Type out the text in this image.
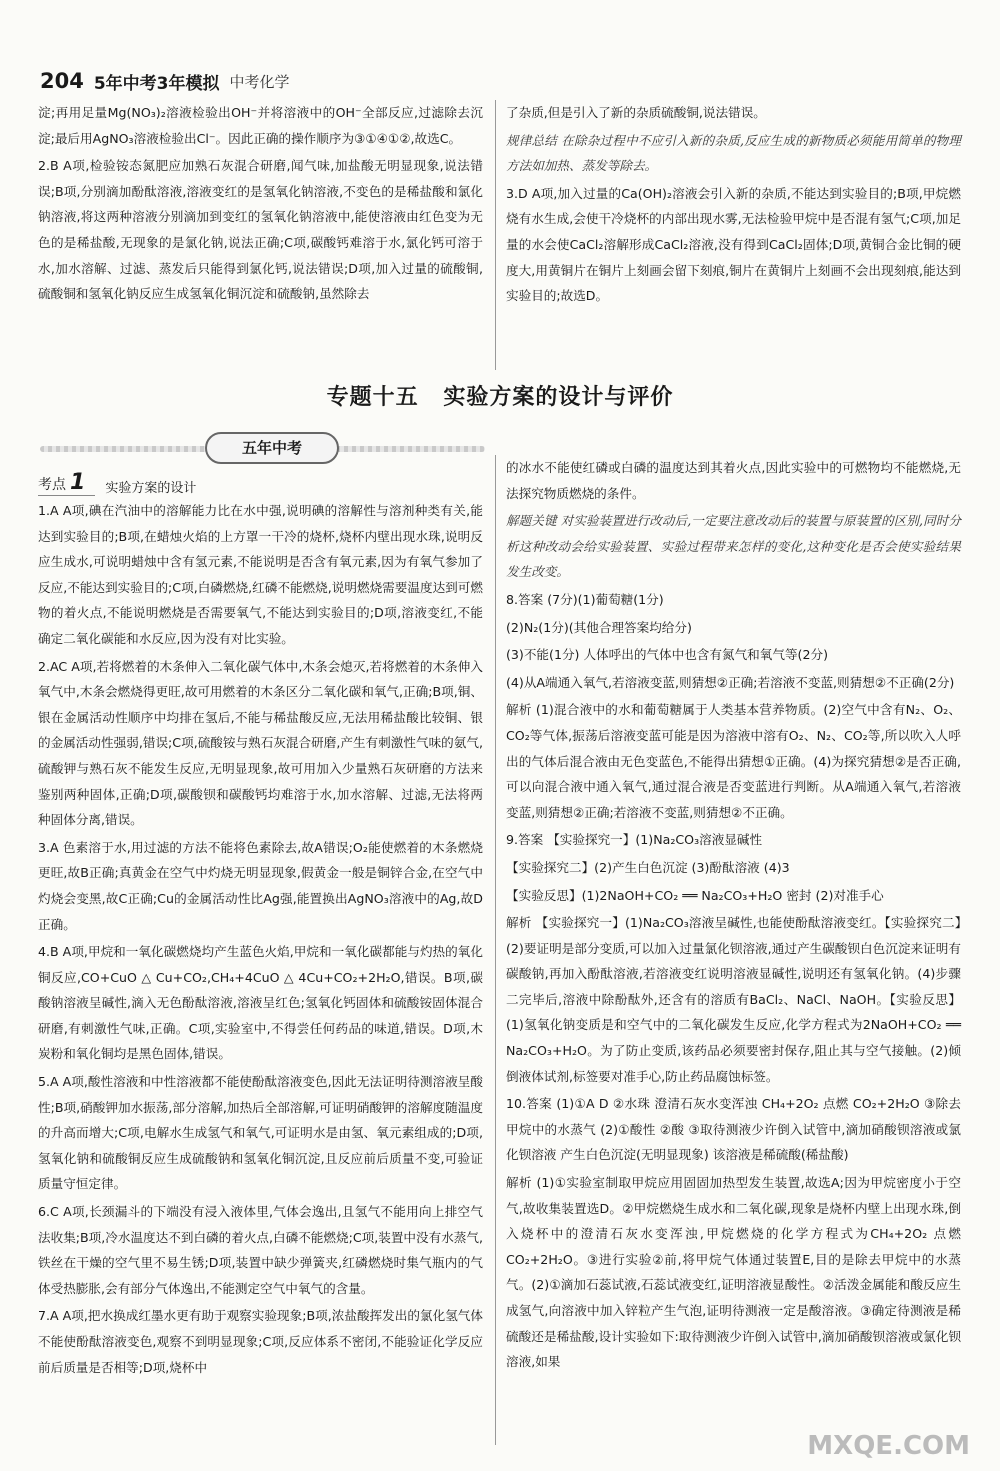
204 5年中考3年模拟 中考化学

淀;再用足量Mg(NO₃)₂溶液检验出OH⁻并将溶液中的OH⁻全部反应,过滤除去沉淀;最后用AgNO₃溶液检验出Cl⁻。因此正确的操作顺序为③①④①②,故选C。

2.B A项,检验铵态氮肥应加熟石灰混合研磨,闻气味,加盐酸无明显现象,说法错误;B项,分别滴加酚酞溶液,溶液变红的是氢氧化钠溶液,不变色的是稀盐酸和氯化钠溶液,将这两种溶液分别滴加到变红的氢氧化钠溶液中,能使溶液由红色变为无色的是稀盐酸,无现象的是氯化钠,说法正确;C项,碳酸钙难溶于水,氯化钙可溶于水,加水溶解、过滤、蒸发后只能得到氯化钙,说法错误;D项,加入过量的硫酸铜,硫酸铜和氢氧化钠反应生成氢氧化铜沉淀和硫酸钠,虽然除去

了杂质,但是引入了新的杂质硫酸铜,说法错误。

规律总结 在除杂过程中不应引入新的杂质,反应生成的新物质必须能用简单的物理方法如加热、蒸发等除去。

3.D A项,加入过量的Ca(OH)₂溶液会引入新的杂质,不能达到实验目的;B项,甲烷燃烧有水生成,会使干冷烧杯的内部出现水雾,无法检验甲烷中是否混有氢气;C项,加足量的水会使CaCl₂溶解形成CaCl₂溶液,没有得到CaCl₂固体;D项,黄铜合金比铜的硬度大,用黄铜片在铜片上刻画会留下刻痕,铜片在黄铜片上刻画不会出现刻痕,能达到实验目的;故选D。

专题十五 实验方案的设计与评价
五年中考
考点 1	实验方案的设计

1.A A项,碘在汽油中的溶解能力比在水中强,说明碘的溶解性与溶剂种类有关,能达到实验目的;B项,在蜡烛火焰的上方罩一干冷的烧杯,烧杯内壁出现水珠,说明反应生成水,可说明蜡烛中含有氢元素,不能说明是否含有氧元素,因为有氧气参加了反应,不能达到实验目的;C项,白磷燃烧,红磷不能燃烧,说明燃烧需要温度达到可燃物的着火点,不能说明燃烧是否需要氧气,不能达到实验目的;D项,溶液变红,不能确定二氧化碳能和水反应,因为没有对比实验。

2.AC A项,若将燃着的木条伸入二氧化碳气体中,木条会熄灭,若将燃着的木条伸入氧气中,木条会燃烧得更旺,故可用燃着的木条区分二氧化碳和氧气,正确;B项,铜、银在金属活动性顺序中均排在氢后,不能与稀盐酸反应,无法用稀盐酸比较铜、银的金属活动性强弱,错误;C项,硫酸铵与熟石灰混合研磨,产生有刺激性气味的氨气,硫酸钾与熟石灰不能发生反应,无明显现象,故可用加入少量熟石灰研磨的方法来鉴别两种固体,正确;D项,碳酸钡和碳酸钙均难溶于水,加水溶解、过滤,无法将两种固体分离,错误。

3.A 色素溶于水,用过滤的方法不能将色素除去,故A错误;O₂能使燃着的木条燃烧更旺,故B正确;真黄金在空气中灼烧无明显现象,假黄金一般是铜锌合金,在空气中灼烧会变黑,故C正确;Cu的金属活动性比Ag强,能置换出AgNO₃溶液中的Ag,故D正确。

4.B A项,甲烷和一氧化碳燃烧均产生蓝色火焰,甲烷和一氧化碳都能与灼热的氧化铜反应,CO+CuO △ Cu+CO₂,CH₄+4CuO △ 4Cu+CO₂+2H₂O,错误。B项,碳酸钠溶液呈碱性,滴入无色酚酞溶液,溶液呈红色;氢氧化钙固体和硫酸铵固体混合研磨,有刺激性气味,正确。C项,实验室中,不得尝任何药品的味道,错误。D项,木炭粉和氧化铜均是黑色固体,错误。

5.A A项,酸性溶液和中性溶液都不能使酚酞溶液变色,因此无法证明待测溶液呈酸性;B项,硝酸钾加水振荡,部分溶解,加热后全部溶解,可证明硝酸钾的溶解度随温度的升高而增大;C项,电解水生成氢气和氧气,可证明水是由氢、氧元素组成的;D项,氢氧化钠和硫酸铜反应生成硫酸钠和氢氧化铜沉淀,且反应前后质量不变,可验证质量守恒定律。

6.C A项,长颈漏斗的下端没有浸入液体里,气体会逸出,且氢气不能用向上排空气法收集;B项,冷水温度达不到白磷的着火点,白磷不能燃烧;C项,装置中没有水蒸气,铁丝在干燥的空气里不易生锈;D项,装置中缺少弹簧夹,红磷燃烧时集气瓶内的气体受热膨胀,会有部分气体逸出,不能测定空气中氧气的含量。

7.A A项,把水换成红墨水更有助于观察实验现象;B项,浓盐酸挥发出的氯化氢气体不能使酚酞溶液变色,观察不到明显现象;C项,反应体系不密闭,不能验证化学反应前后质量是否相等;D项,烧杯中

的冰水不能使红磷或白磷的温度达到其着火点,因此实验中的可燃物均不能燃烧,无法探究物质燃烧的条件。

解题关键 对实验装置进行改动后,一定要注意改动后的装置与原装置的区别,同时分析这种改动会给实验装置、实验过程带来怎样的变化,这种变化是否会使实验结果发生改变。

8.答案 (7分)(1)葡萄糖(1分)

(2)N₂(1分)(其他合理答案均给分)

(3)不能(1分) 人体呼出的气体中也含有氮气和氧气等(2分)

(4)从A端通入氧气,若溶液变蓝,则猜想②正确;若溶液不变蓝,则猜想②不正确(2分)

解析 (1)混合液中的水和葡萄糖属于人类基本营养物质。(2)空气中含有N₂、O₂、CO₂等气体,振荡后溶液变蓝可能是因为溶液中溶有O₂、N₂、CO₂等,所以吹入人呼出的气体后混合液由无色变蓝色,不能得出猜想①正确。(4)为探究猜想②是否正确,可以向混合液中通入氧气,通过混合液是否变蓝进行判断。从A端通入氧气,若溶液变蓝,则猜想②正确;若溶液不变蓝,则猜想②不正确。

9.答案 【实验探究一】(1)Na₂CO₃溶液显碱性

【实验探究二】(2)产生白色沉淀 (3)酚酞溶液 (4)3

【实验反思】(1)2NaOH+CO₂ ══ Na₂CO₃+H₂O 密封 (2)对准手心

解析 【实验探究一】(1)Na₂CO₃溶液呈碱性,也能使酚酞溶液变红。【实验探究二】(2)要证明是部分变质,可以加入过量氯化钡溶液,通过产生碳酸钡白色沉淀来证明有碳酸钠,再加入酚酞溶液,若溶液变红说明溶液显碱性,说明还有氢氧化钠。(4)步骤二完毕后,溶液中除酚酞外,还含有的溶质有BaCl₂、NaCl、NaOH。【实验反思】(1)氢氧化钠变质是和空气中的二氧化碳发生反应,化学方程式为2NaOH+CO₂ ══ Na₂CO₃+H₂O。为了防止变质,该药品必须要密封保存,阻止其与空气接触。(2)倾倒液体试剂,标签要对准手心,防止药品腐蚀标签。

10.答案 (1)①A D ②水珠 澄清石灰水变浑浊 CH₄+2O₂ 点燃 CO₂+2H₂O ③除去甲烷中的水蒸气 (2)①酸性 ②酸 ③取待测液少许倒入试管中,滴加硝酸钡溶液或氯化钡溶液 产生白色沉淀(无明显现象) 该溶液是稀硫酸(稀盐酸)

解析 (1)①实验室制取甲烷应用固固加热型发生装置,故选A;因为甲烷密度小于空气,故收集装置选D。②甲烷燃烧生成水和二氧化碳,现象是烧杯内壁上出现水珠,倒入烧杯中的澄清石灰水变浑浊,甲烷燃烧的化学方程式为CH₄+2O₂ 点燃 CO₂+2H₂O。③进行实验②前,将甲烷气体通过装置E,目的是除去甲烷中的水蒸气。(2)①滴加石蕊试液,石蕊试液变红,证明溶液显酸性。②活泼金属能和酸反应生成氢气,向溶液中加入锌粒产生气泡,证明待测液一定是酸溶液。③确定待测液是稀硫酸还是稀盐酸,设计实验如下:取待测液少许倒入试管中,滴加硝酸钡溶液或氯化钡溶液,如果

MXQE.COM
